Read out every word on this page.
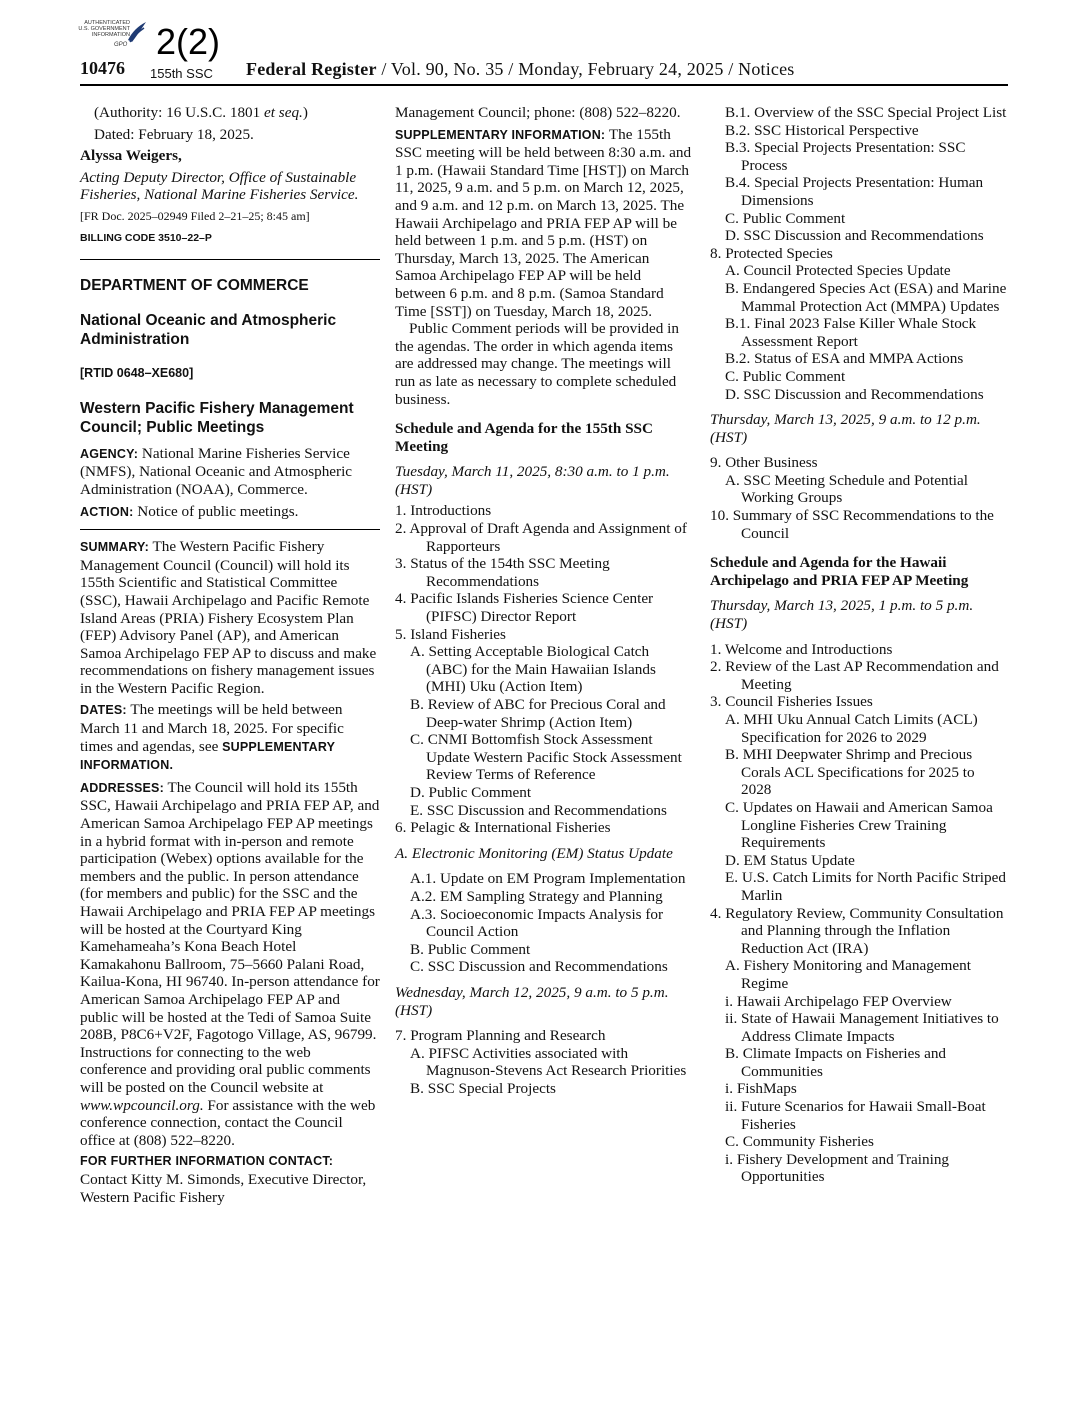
AUTHENTICATED
U.S. GOVERNMENT
INFORMATION
GPO 2(2)
155th SSC
10476	Federal Register / Vol. 90, No. 35 / Monday, February 24, 2025 / Notices

(Authority: 16 U.S.C. 1801 et seq.)

Dated: February 18, 2025.

Alyssa Weigers,

Acting Deputy Director, Office of Sustainable Fisheries, National Marine Fisheries Service.

[FR Doc. 2025–02949 Filed 2–21–25; 8:45 am]

BILLING CODE 3510–22–P

DEPARTMENT OF COMMERCE

National Oceanic and Atmospheric Administration

[RTID 0648–XE680]

Western Pacific Fishery Management Council; Public Meetings

AGENCY: National Marine Fisheries Service (NMFS), National Oceanic and Atmospheric Administration (NOAA), Commerce.

ACTION: Notice of public meetings.

SUMMARY: The Western Pacific Fishery Management Council (Council) will hold its 155th Scientific and Statistical Committee (SSC), Hawaii Archipelago and Pacific Remote Island Areas (PRIA) Fishery Ecosystem Plan (FEP) Advisory Panel (AP), and American Samoa Archipelago FEP AP to discuss and make recommendations on fishery management issues in the Western Pacific Region.

DATES: The meetings will be held between March 11 and March 18, 2025. For specific times and agendas, see SUPPLEMENTARY INFORMATION.

ADDRESSES: The Council will hold its 155th SSC, Hawaii Archipelago and PRIA FEP AP, and American Samoa Archipelago FEP AP meetings in a hybrid format with in-person and remote participation (Webex) options available for the members and the public. In person attendance (for members and public) for the SSC and the Hawaii Archipelago and PRIA FEP AP meetings will be hosted at the Courtyard King Kamehameaha’s Kona Beach Hotel Kamakahonu Ballroom, 75–5660 Palani Road, Kailua-Kona, HI 96740. In-person attendance for American Samoa Archipelago FEP AP and public will be hosted at the Tedi of Samoa Suite 208B, P8C6+V2F, Fagotogo Village, AS, 96799. Instructions for connecting to the web conference and providing oral public comments will be posted on the Council website at www.wpcouncil.org. For assistance with the web conference connection, contact the Council office at (808) 522–8220.

FOR FURTHER INFORMATION CONTACT:

Contact Kitty M. Simonds, Executive Director, Western Pacific Fishery

Management Council; phone: (808) 522–8220.

SUPPLEMENTARY INFORMATION: The 155th SSC meeting will be held between 8:30 a.m. and 1 p.m. (Hawaii Standard Time [HST]) on March 11, 2025, 9 a.m. and 5 p.m. on March 12, 2025, and 9 a.m. and 12 p.m. on March 13, 2025. The Hawaii Archipelago and PRIA FEP AP will be held between 1 p.m. and 5 p.m. (HST) on Thursday, March 13, 2025. The American Samoa Archipelago FEP AP will be held between 6 p.m. and 8 p.m. (Samoa Standard Time [SST]) on Tuesday, March 18, 2025.

Public Comment periods will be provided in the agendas. The order in which agenda items are addressed may change. The meetings will run as late as necessary to complete scheduled business.

Schedule and Agenda for the 155th SSC Meeting

Tuesday, March 11, 2025, 8:30 a.m. to 1 p.m. (HST)

1. Introductions

2. Approval of Draft Agenda and Assignment of Rapporteurs

3. Status of the 154th SSC Meeting Recommendations

4. Pacific Islands Fisheries Science Center (PIFSC) Director Report

5. Island Fisheries

A. Setting Acceptable Biological Catch (ABC) for the Main Hawaiian Islands (MHI) Uku (Action Item)

B. Review of ABC for Precious Coral and Deep-water Shrimp (Action Item)

C. CNMI Bottomfish Stock Assessment Update Western Pacific Stock Assessment Review Terms of Reference

D. Public Comment

E. SSC Discussion and Recommendations

6. Pelagic & International Fisheries

A. Electronic Monitoring (EM) Status Update

A.1. Update on EM Program Implementation

A.2. EM Sampling Strategy and Planning

A.3. Socioeconomic Impacts Analysis for Council Action

B. Public Comment

C. SSC Discussion and Recommendations

Wednesday, March 12, 2025, 9 a.m. to 5 p.m. (HST)

7. Program Planning and Research

A. PIFSC Activities associated with Magnuson-Stevens Act Research Priorities

B. SSC Special Projects

B.1. Overview of the SSC Special Project List

B.2. SSC Historical Perspective

B.3. Special Projects Presentation: SSC Process

B.4. Special Projects Presentation: Human Dimensions

C. Public Comment

D. SSC Discussion and Recommendations

8. Protected Species

A. Council Protected Species Update

B. Endangered Species Act (ESA) and Marine Mammal Protection Act (MMPA) Updates

B.1. Final 2023 False Killer Whale Stock Assessment Report

B.2. Status of ESA and MMPA Actions

C. Public Comment

D. SSC Discussion and Recommendations

Thursday, March 13, 2025, 9 a.m. to 12 p.m. (HST)

9. Other Business

A. SSC Meeting Schedule and Potential Working Groups

10. Summary of SSC Recommendations to the Council

Schedule and Agenda for the Hawaii Archipelago and PRIA FEP AP Meeting

Thursday, March 13, 2025, 1 p.m. to 5 p.m. (HST)

1. Welcome and Introductions

2. Review of the Last AP Recommendation and Meeting

3. Council Fisheries Issues

A. MHI Uku Annual Catch Limits (ACL) Specification for 2026 to 2029

B. MHI Deepwater Shrimp and Precious Corals ACL Specifications for 2025 to 2028

C. Updates on Hawaii and American Samoa Longline Fisheries Crew Training Requirements

D. EM Status Update

E. U.S. Catch Limits for North Pacific Striped Marlin

4. Regulatory Review, Community Consultation and Planning through the Inflation Reduction Act (IRA)

A. Fishery Monitoring and Management Regime

i. Hawaii Archipelago FEP Overview

ii. State of Hawaii Management Initiatives to Address Climate Impacts

B. Climate Impacts on Fisheries and Communities

i. FishMaps

ii. Future Scenarios for Hawaii Small-Boat Fisheries

C. Community Fisheries

i. Fishery Development and Training Opportunities
